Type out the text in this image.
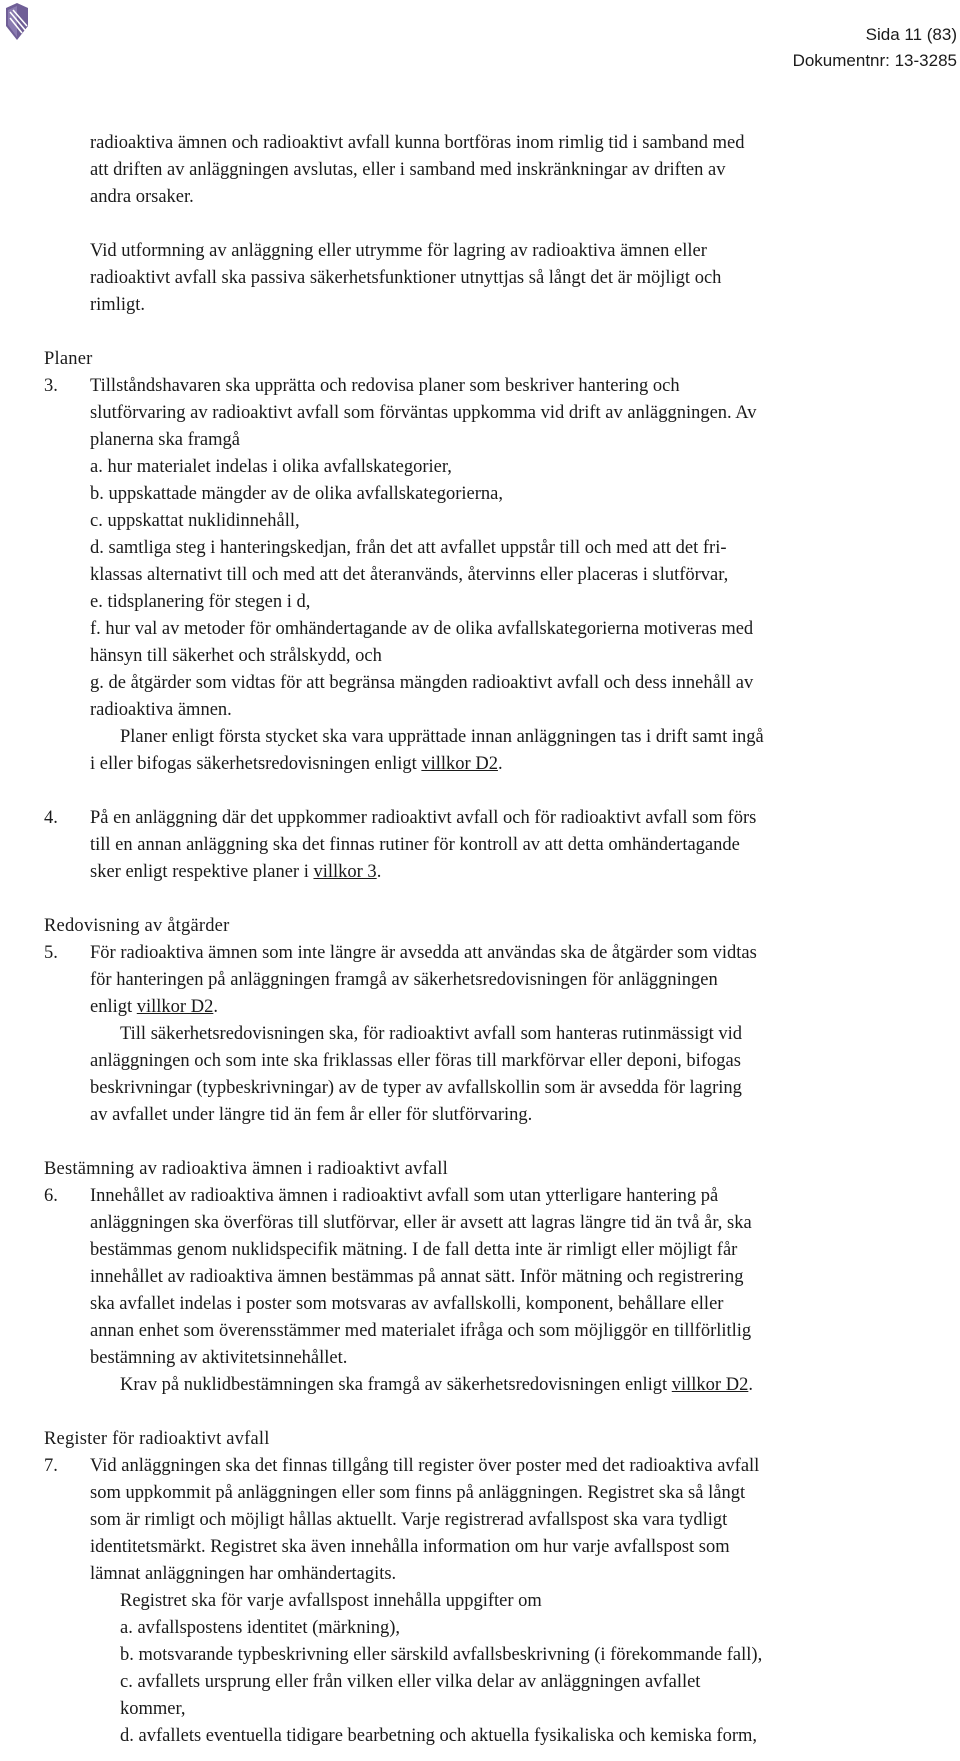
Sida 11 (83)
Dokumentnr: 13-3285
radioaktiva ämnen och radioaktivt avfall kunna bortföras inom rimlig tid i samband med
att driften av anläggningen avslutas, eller i samband med inskränkningar av driften av
andra orsaker.
Vid utformning av anläggning eller utrymme för lagring av radioaktiva ämnen eller
radioaktivt avfall ska passiva säkerhetsfunktioner utnyttjas så långt det är möjligt och
rimligt.
Planer
3.	Tillståndshavaren ska upprätta och redovisa planer som beskriver hantering och
slutförvaring av radioaktivt avfall som förväntas uppkomma vid drift av anläggningen. Av
planerna ska framgå
a. hur materialet indelas i olika avfallskategorier,
b. uppskattade mängder av de olika avfallskategorierna,
c. uppskattat nuklidinnehåll,
d. samtliga steg i hanteringskedjan, från det att avfallet uppstår till och med att det fri-
klassas alternativt till och med att det återanvänds, återvinns eller placeras i slutförvar,
e. tidsplanering för stegen i d,
f. hur val av metoder för omhändertagande av de olika avfallskategorierna motiveras med
hänsyn till säkerhet och strålskydd, och
g. de åtgärder som vidtas för att begränsa mängden radioaktivt avfall och dess innehåll av
radioaktiva ämnen.
Planer enligt första stycket ska vara upprättade innan anläggningen tas i drift samt ingå
i eller bifogas säkerhetsredovisningen enligt villkor D2.
4.	På en anläggning där det uppkommer radioaktivt avfall och för radioaktivt avfall som förs
till en annan anläggning ska det finnas rutiner för kontroll av att detta omhändertagande
sker enligt respektive planer i villkor 3.
Redovisning av åtgärder
5.	För radioaktiva ämnen som inte längre är avsedda att användas ska de åtgärder som vidtas
för hanteringen på anläggningen framgå av säkerhetsredovisningen för anläggningen
enligt villkor D2.
Till säkerhetsredovisningen ska, för radioaktivt avfall som hanteras rutinmässigt vid
anläggningen och som inte ska friklassas eller föras till markförvar eller deponi, bifogas
beskrivningar (typbeskrivningar) av de typer av avfallskollin som är avsedda för lagring
av avfallet under längre tid än fem år eller för slutförvaring.
Bestämning av radioaktiva ämnen i radioaktivt avfall
6.	Innehållet av radioaktiva ämnen i radioaktivt avfall som utan ytterligare hantering på
anläggningen ska överföras till slutförvar, eller är avsett att lagras längre tid än två år, ska
bestämmas genom nuklidspecifik mätning. I de fall detta inte är rimligt eller möjligt får
innehållet av radioaktiva ämnen bestämmas på annat sätt. Inför mätning och registrering
ska avfallet indelas i poster som motsvaras av avfallskolli, komponent, behållare eller
annan enhet som överensstämmer med materialet ifråga och som möjliggör en tillförlitlig
bestämning av aktivitetsinnehållet.
Krav på nuklidbestämningen ska framgå av säkerhetsredovisningen enligt villkor D2.
Register för radioaktivt avfall
7.	Vid anläggningen ska det finnas tillgång till register över poster med det radioaktiva avfall
som uppkommit på anläggningen eller som finns på anläggningen. Registret ska så långt
som är rimligt och möjligt hållas aktuellt. Varje registrerad avfallspost ska vara tydligt
identitetsmärkt. Registret ska även innehålla information om hur varje avfallspost som
lämnat anläggningen har omhändertagits.
Registret ska för varje avfallspost innehålla uppgifter om
a. avfallspostens identitet (märkning),
b. motsvarande typbeskrivning eller särskild avfallsbeskrivning (i förekommande fall),
c. avfallets ursprung eller från vilken eller vilka delar av anläggningen avfallet
kommer,
d. avfallets eventuella tidigare bearbetning och aktuella fysikaliska och kemiska form,
